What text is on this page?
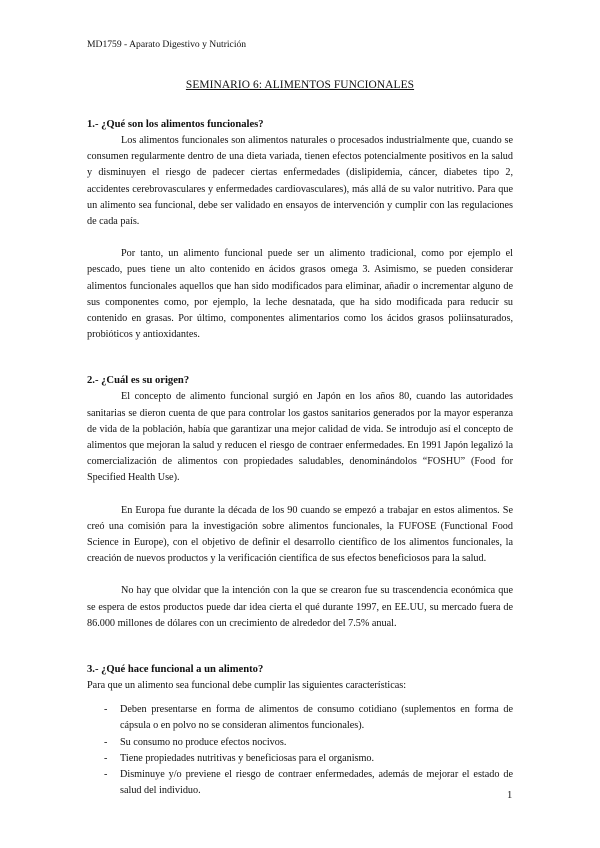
MD1759 - Aparato Digestivo y Nutrición
SEMINARIO 6: ALIMENTOS FUNCIONALES
1.- ¿Qué son los alimentos funcionales?

Los alimentos funcionales son alimentos naturales o procesados industrialmente que, cuando se consumen regularmente dentro de una dieta variada, tienen efectos potencialmente positivos en la salud y disminuyen el riesgo de padecer ciertas enfermedades (dislipidemia, cáncer, diabetes tipo 2, accidentes cerebrovasculares y enfermedades cardiovasculares), más allá de su valor nutritivo. Para que un alimento sea funcional, debe ser validado en ensayos de intervención y cumplir con las regulaciones de cada país.

Por tanto, un alimento funcional puede ser un alimento tradicional, como por ejemplo el pescado, pues tiene un alto contenido en ácidos grasos omega 3. Asimismo, se pueden considerar alimentos funcionales aquellos que han sido modificados para eliminar, añadir o incrementar alguno de sus componentes como, por ejemplo, la leche desnatada, que ha sido modificada para reducir su contenido en grasas. Por último, componentes alimentarios como los ácidos grasos poliinsaturados, probióticos y antioxidantes.

2.- ¿Cuál es su origen?

El concepto de alimento funcional surgió en Japón en los años 80, cuando las autoridades sanitarias se dieron cuenta de que para controlar los gastos sanitarios generados por la mayor esperanza de vida de la población, había que garantizar una mejor calidad de vida. Se introdujo así el concepto de alimentos que mejoran la salud y reducen el riesgo de contraer enfermedades. En 1991 Japón legalizó la comercialización de alimentos con propiedades saludables, denominándolos “FOSHU” (Food for Specified Health Use).

En Europa fue durante la década de los 90 cuando se empezó a trabajar en estos alimentos. Se creó una comisión para la investigación sobre alimentos funcionales, la FUFOSE (Functional Food Science in Europe), con el objetivo de definir el desarrollo científico de los alimentos funcionales, la creación de nuevos productos y la verificación científica de sus efectos beneficiosos para la salud.

No hay que olvidar que la intención con la que se crearon fue su trascendencia económica que se espera de estos productos puede dar idea cierta el qué durante 1997, en EE.UU, su mercado fuera de 86.000 millones de dólares con un crecimiento de alrededor del 7.5% anual.

3.- ¿Qué hace funcional a un alimento?

Para que un alimento sea funcional debe cumplir las siguientes características:

- Deben presentarse en forma de alimentos de consumo cotidiano (suplementos en forma de cápsula o en polvo no se consideran alimentos funcionales).
- Su consumo no produce efectos nocivos.
- Tiene propiedades nutritivas y beneficiosas para el organismo.
- Disminuye y/o previene el riesgo de contraer enfermedades, además de mejorar el estado de salud del individuo.	1
